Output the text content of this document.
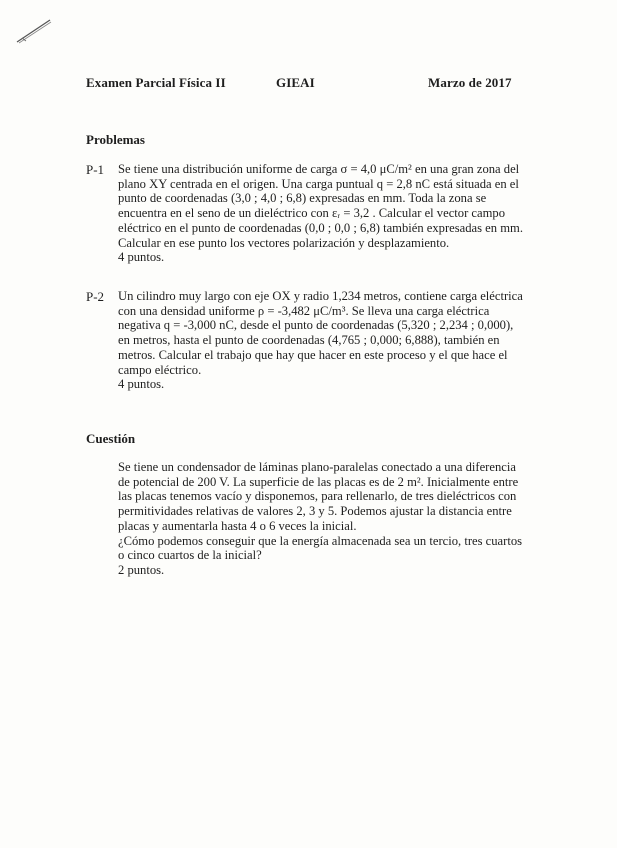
Examen Parcial Física II	GIEAI	Marzo de 2017
Problemas
P-1 Se tiene una distribución uniforme de carga σ = 4,0 μC/m² en una gran zona del
plano XY centrada en el origen. Una carga puntual q = 2,8 nC está situada en el
punto de coordenadas (3,0 ; 4,0 ; 6,8) expresadas en mm. Toda la zona se
encuentra en el seno de un dieléctrico con εᵣ = 3,2 . Calcular el vector campo
eléctrico en el punto de coordenadas (0,0 ; 0,0 ; 6,8) también expresadas en mm.
Calcular en ese punto los vectores polarización y desplazamiento.
4 puntos.
P-2 Un cilindro muy largo con eje OX y radio 1,234 metros, contiene carga eléctrica
con una densidad uniforme ρ = -3,482 μC/m³. Se lleva una carga eléctrica
negativa q = -3,000 nC, desde el punto de coordenadas (5,320 ; 2,234 ; 0,000),
en metros, hasta el punto de coordenadas (4,765 ; 0,000; 6,888), también en
metros. Calcular el trabajo que hay que hacer en este proceso y el que hace el
campo eléctrico.
4 puntos.
Cuestión
Se tiene un condensador de láminas plano-paralelas conectado a una diferencia
de potencial de 200 V. La superficie de las placas es de 2 m². Inicialmente entre
las placas tenemos vacío y disponemos, para rellenarlo, de tres dieléctricos con
permitividades relativas de valores 2, 3 y 5. Podemos ajustar la distancia entre
placas y aumentarla hasta 4 o 6 veces la inicial.
¿Cómo podemos conseguir que la energía almacenada sea un tercio, tres cuartos
o cinco cuartos de la inicial?
2 puntos.
